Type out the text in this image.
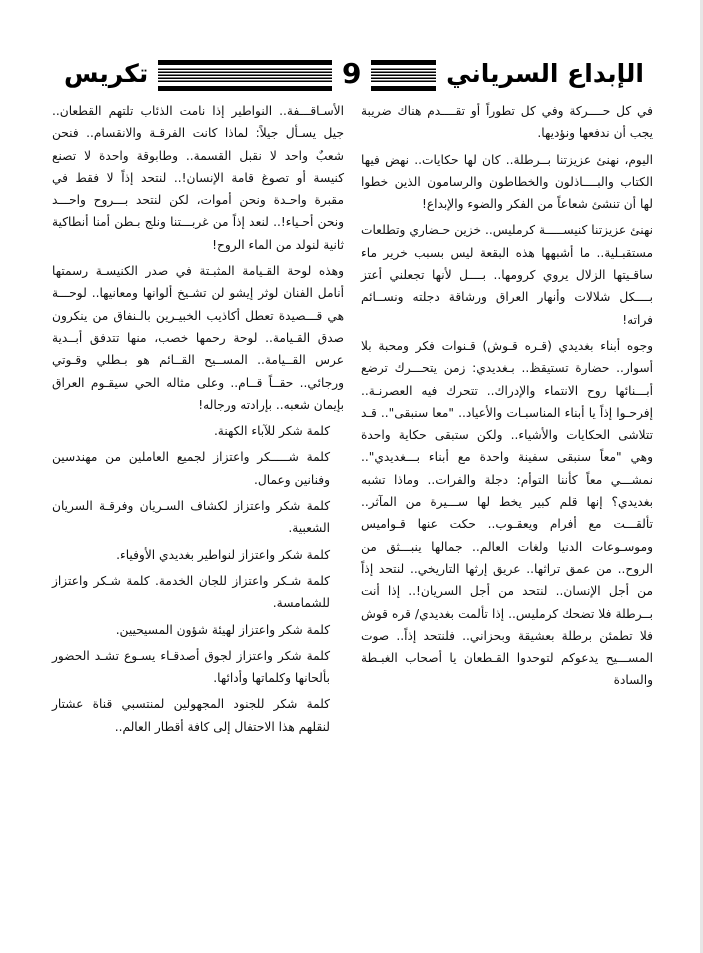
الإبداع السرياني
9
تكريس

في كل حــــركة وفي كل تطوراً أو تقــــدم هناك ضريبة يجب أن ندفعها ونؤديها.

اليوم، نهنئ عزيزتنا بــرطلة.. كان لها حكايات.. نهض فيها الكتاب والبــــاذلون والخطاطون والرسامون الذين خطوا لها أن تنشئ شعاعاً من الفكر والضوء والإبداع!

نهنئ عزيزتنا كنيســـــة كرمليس.. خزين حـضاري وتطلعات مستقبـلية.. ما أشبهها هذه البقعة ليس بسبب خرير ماء ساقـيتها الزلال يروي كرومها.. بــــل لأنها تجعلني أعتز بــــكل شلالات وأنهار العراق ورشاقة دجلته ونســائم فراته!

وجوه أبناء بغديدي (قـره قـوش) قـنوات فكر ومحبة بلا أسوار.. حضارة تستيقظ.. بـغديدي: زمن يتحـــرك ترضع أبـــنائها روح الانتماء والإدراك.. تتحرك فيه العصرنـة.. إفرحـوا إذاً يا أبناء المناسبـات والأعياد.. "معا سنبقى".. قـد تتلاشى الحكايات والأشياء.. ولكن ستبقى حكاية واحدة وهي "معاً سنبقى سفينة واحدة مع أبناء بـــغديدي".. نمشـــي معاً كأننا التوأم: دجلة والفرات.. وماذا تشبه بغديدي؟ إنها قلم كبير يخط لها ســـيرة من المآثر.. تألقـــت مع أفرام ويعقـوب.. حكت عنها قـواميس وموسـوعات الدنيا ولغات العالم.. جمالها ينبـــثق من الروح.. من عمق تراثها.. عريق إرثها التاريخي.. لنتحد إذاً من أجل الإنسان.. لنتحد من أجل السريان!.. إذا أنت بــرطلة فلا تضحك كرمليس.. إذا تألمت بغديدي/ قره قوش فلا تطمئن برطلة بعشيقة وبحزاني.. فلنتحد إذاً.. صوت المســـيح يدعوكم لتوحدوا القـطعان يا أصحاب الغبـطة والسادة

الأسـاقـــفة.. النواطير إذا نامت الذئاب تلتهم القطعان.. جيل يسـأل جيلاً: لماذا كانت الفرقـة والانقسام.. فنحن شعبٌ واحد لا نقبل القسمة.. وطابوقة واحدة لا تصنع كنيسة أو تصوغ قامة الإنسان!.. لنتحد إذاً لا فقط في مقبرة واحـدة ونحن أموات، لكن لنتحد بـــروح واحـــد ونحن أحـياء!.. لنعد إذاً من غربـــتنا ونلج بـطن أمنا أنطاكية ثانية لنولد من الماء الروح!

وهذه لوحة القـيامة المثبـتة في صدر الكنيسـة رسمتها أنامل الفنان لوثر إيشو لن تشـيخ ألوانها ومعانيها.. لوحـــة هي قـــصيدة تعطل أكاذيب الخبيـرين بالـنفاق من ينكرون صدق القـيامة.. لوحة رحمها خصب، منها تتدفق أبــدية عرس القــيامة.. المســيح القــائم هو بـطلي وقـوتي ورجائي.. حقــاً قــام.. وعلى مثاله الحي سيقـوم العراق بإيمان شعبه.. بإرادته ورجاله!

كلمة شكر للآباء الكهنة.

كلمة شـــــكر واعتزاز لجميع العاملين من مهندسين وفنانين وعمال.

كلمة شكر واعتزاز لكشاف السـريان وفرقـة السريان الشعبية.

كلمة شكر واعتزاز لنواطير بغديدي الأوفياء.

كلمة شـكر واعتزاز للجان الخدمة. كلمة شـكر واعتزاز للشمامسة.

كلمة شكر واعتزاز لهيئة شؤون المسيحيين.

كلمة شكر واعتزاز لجوق أصدقـاء يسـوع تشـد الحضور بألحانها وكلماتها وأدائها.

كلمة شكر للجنود المجهولين لمنتسبي قناة عشتار لنقلهم هذا الاحتفال إلى كافة أقطار العالم..
